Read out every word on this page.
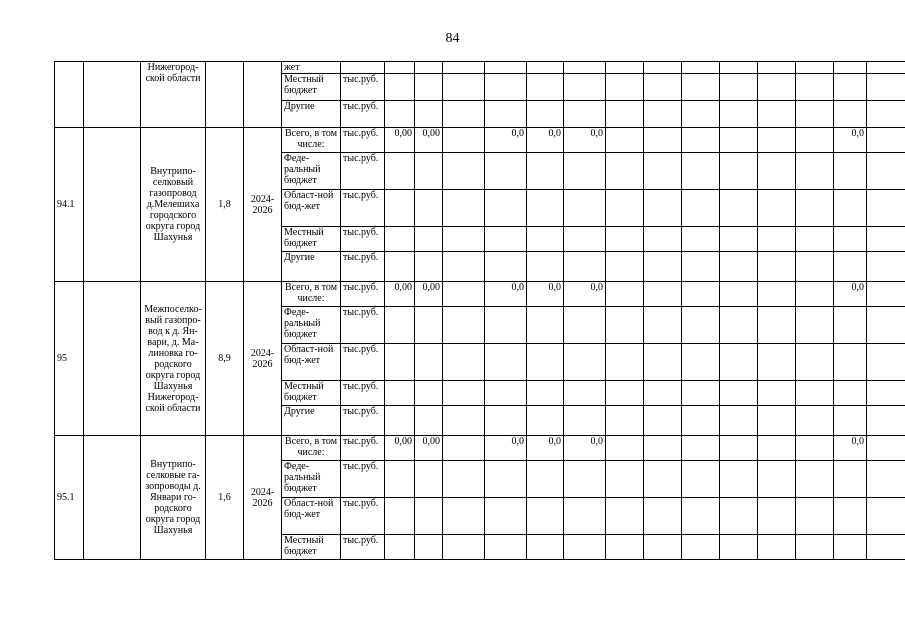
84
		Нижегород-ской области			жет																
					Местный бюджет	тыс.руб.															
					Другие	тыс.руб.															
94.1		Внутрипо-селковый газопровод д.Мелешиха городского округа город Шахунья	1,8	2024-2026	Всего, в том числе:	тыс.руб.	0,00	0,00		0,0	0,0	0,0							0,0		
					Феде-ральный бюджет	тыс.руб.															
					Област-ной бюд-жет	тыс.руб.															
					Местный бюджет	тыс.руб.															
					Другие	тыс.руб.															
95		Межпоселко-вый газопро-вод к д. Ян-вари, д. Ма-линовка го-родского округа город Шахунья Нижегород-ской области	8,9	2024-2026	Всего, в том числе:	тыс.руб.	0,00	0,00		0,0	0,0	0,0							0,0		
					Феде-ральный бюджет	тыс.руб.															
					Област-ной бюд-жет	тыс.руб.															
					Местный бюджет	тыс.руб.															
					Другие	тыс.руб.															
95.1		Внутрипо-селковые га-зопроводы д. Январи го-родского округа город Шахунья	1,6	2024-2026	Всего, в том числе:	тыс.руб.	0,00	0,00		0,0	0,0	0,0							0,0		
					Феде-ральный бюджет	тыс.руб.															
					Област-ной бюд-жет	тыс.руб.															
					Местный бюджет	тыс.руб.															
